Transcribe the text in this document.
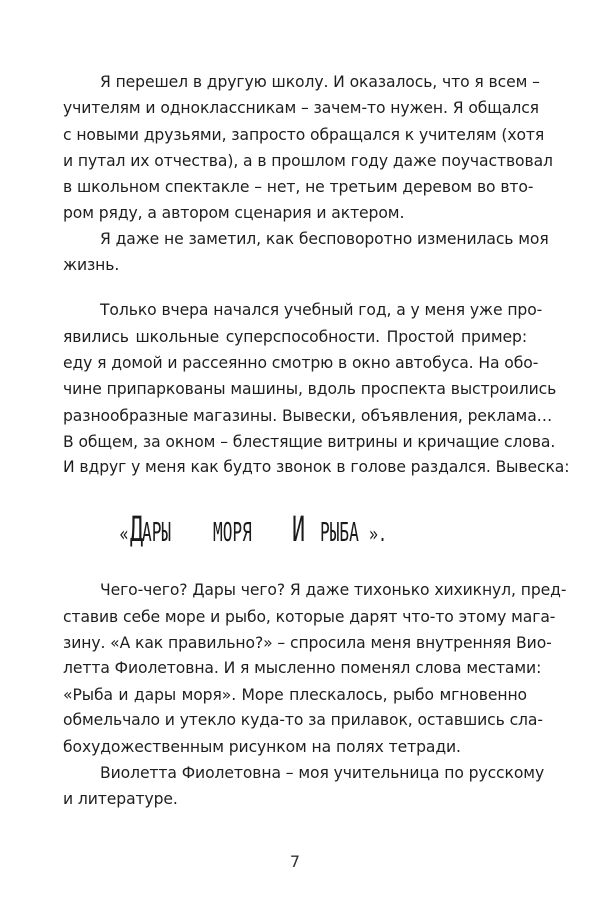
Я перешел в другую школу. И оказалось, что я всем –
учителям и одноклассникам – зачем-то нужен. Я общался
с новыми друзьями, запросто обращался к учителям (хотя
и путал их отчества), а в прошлом году даже поучаствовал
в школьном спектакле – нет, не третьим деревом во вто-
ром ряду, а автором сценария и актером.
Я даже не заметил, как бесповоротно изменилась моя
жизнь.
Только вчера начался учебный год, а у меня уже про-
явились школьные суперспособности. Простой пример:
еду я домой и рассеянно смотрю в окно автобуса. На обо-
чине припаркованы машины, вдоль проспекта выстроились
разнообразные магазины. Вывески, объявления, реклама…
В общем, за окном – блестящие витрины и кричащие слова.
И вдруг у меня как будто звонок в голове раздался. Вывеска:
« Д АРЫ МОРЯ И РЫБА ».
Чего-чего? Дары чего? Я даже тихонько хихикнул, пред-
ставив себе море и рыбо, которые дарят что-то этому мага-
зину. «А как правильно?» – спросила меня внутренняя Вио-
летта Фиолетовна. И я мысленно поменял слова местами:
«Рыба и дары моря». Море плескалось, рыбо мгновенно
обмельчало и утекло куда-то за прилавок, оставшись сла-
бохудожественным рисунком на полях тетради.
Виолетта Фиолетовна – моя учительница по русскому
и литературе.
7
